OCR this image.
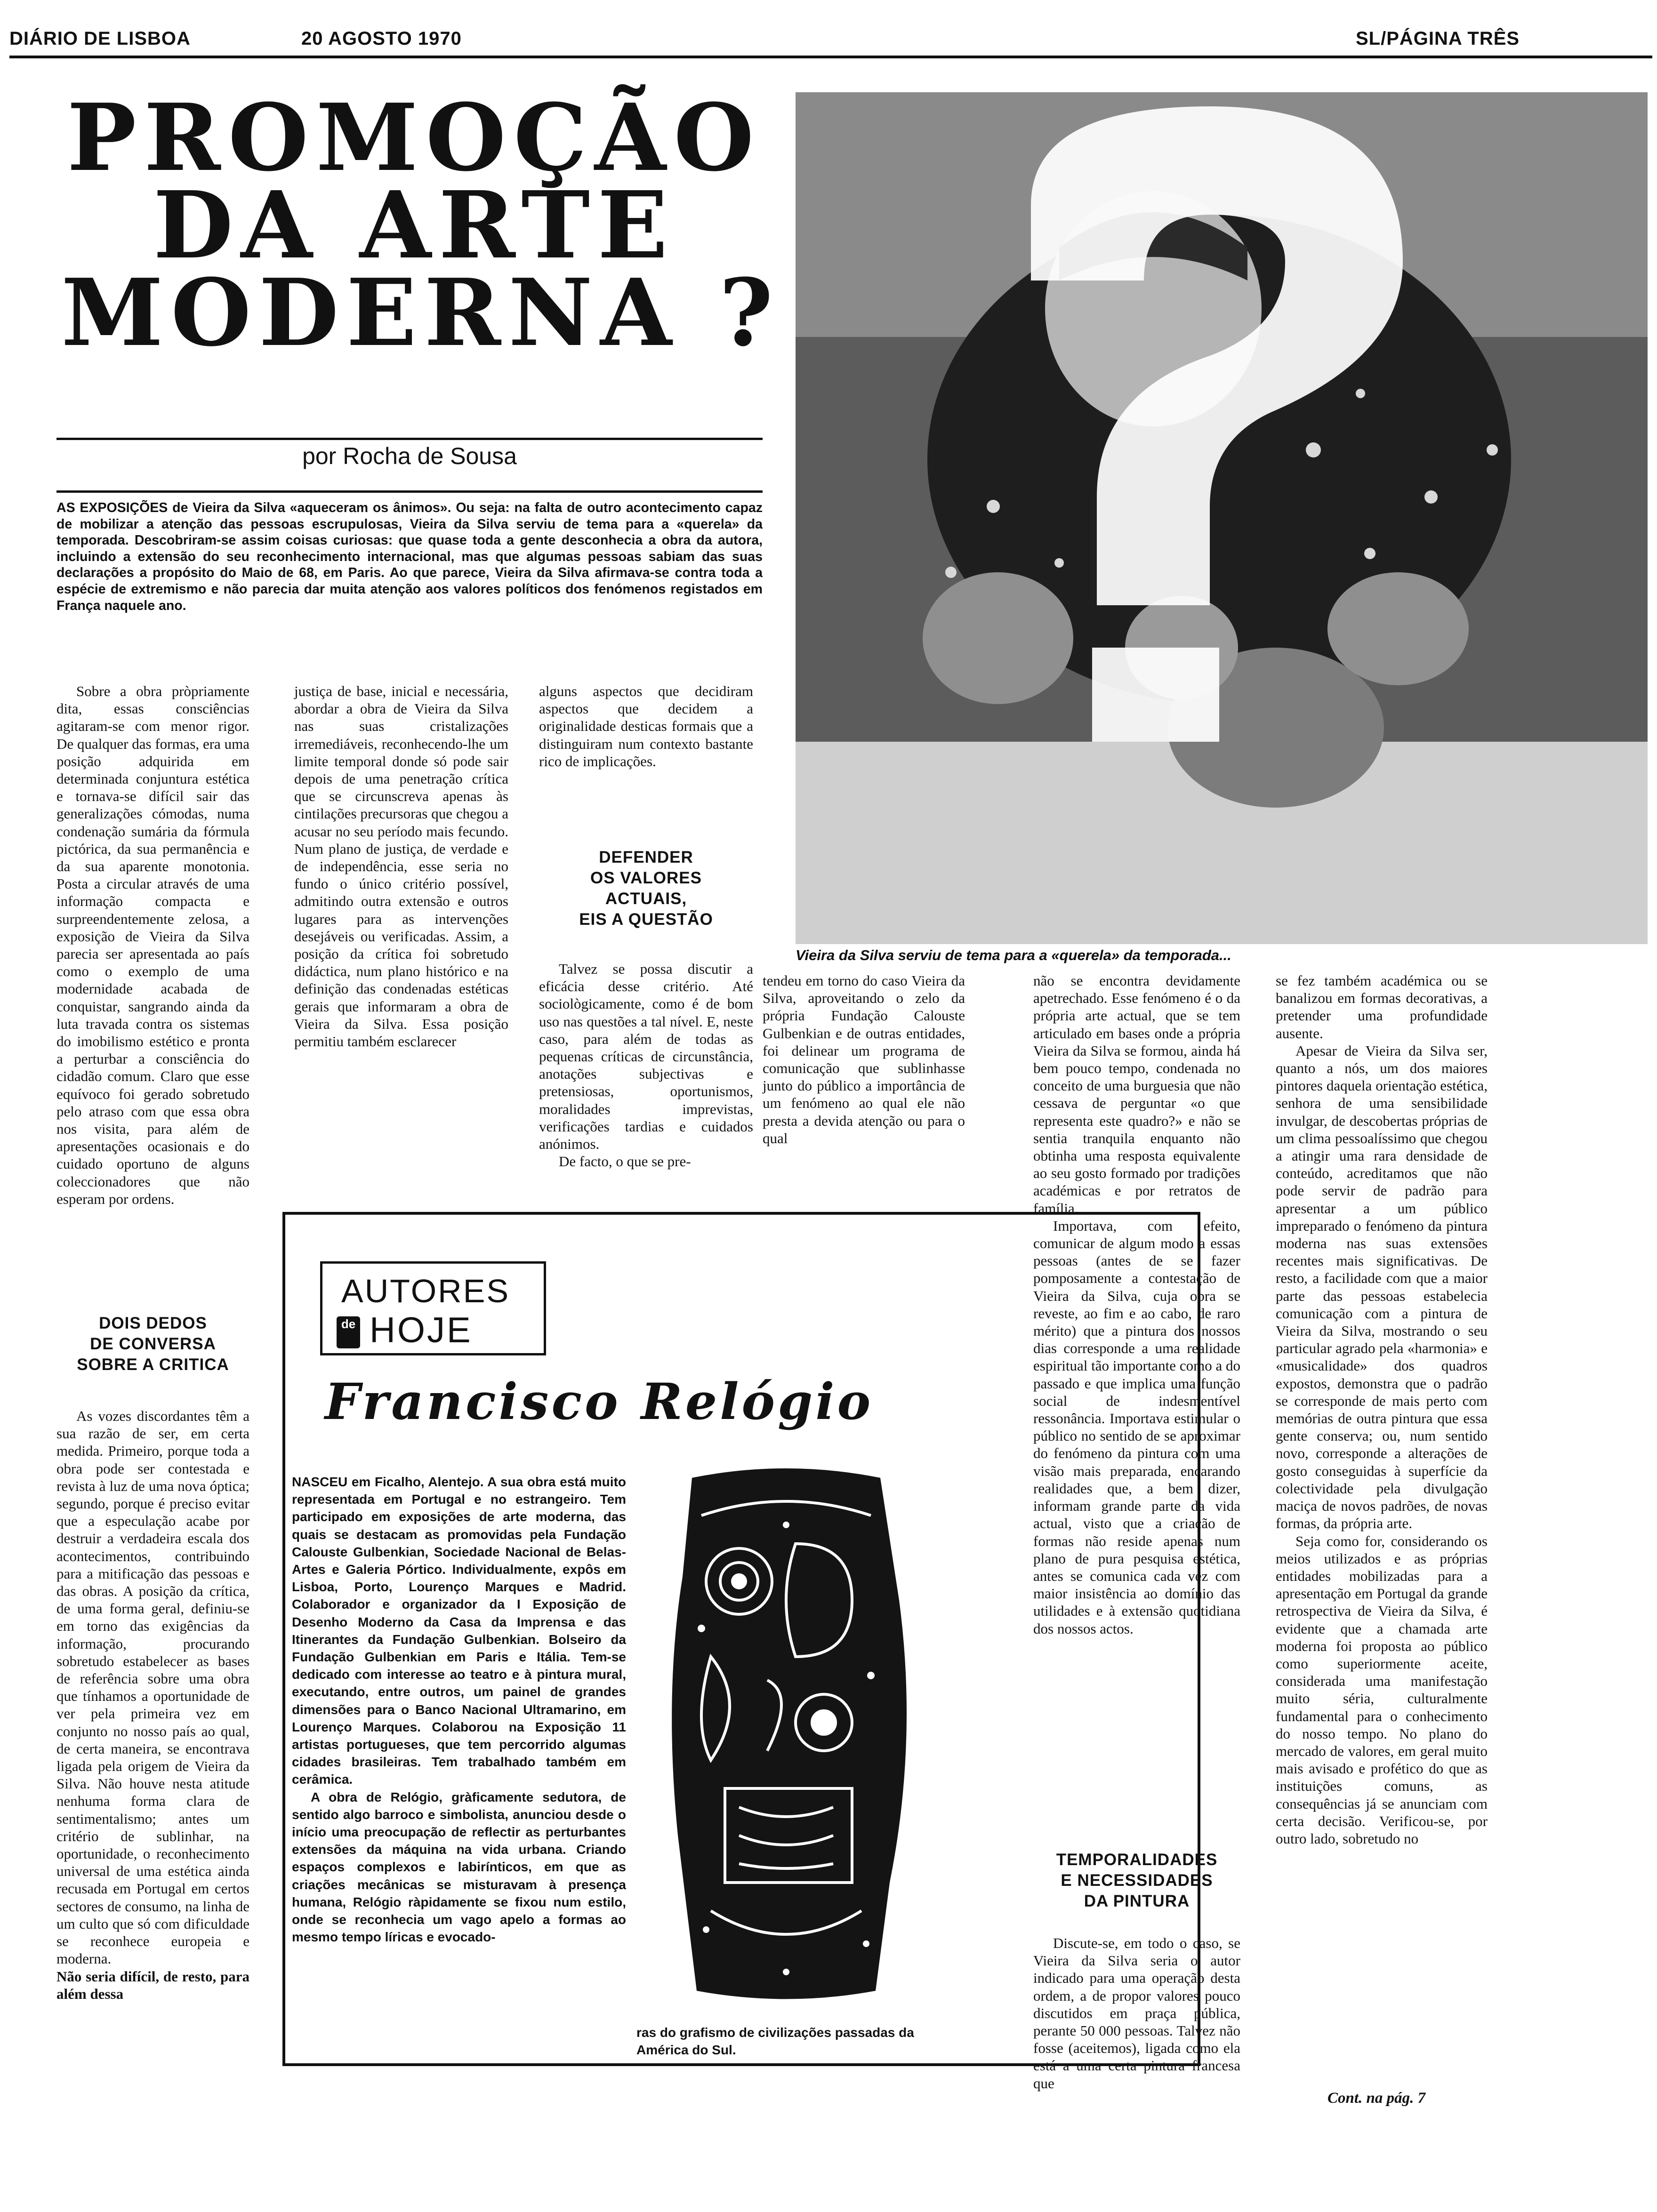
DIÁRIO DE LISBOA	20 AGOSTO 1970	SL/PÁGINA TRÊS
PROMOÇÃO
DA ARTE
MODERNA ?
por Rocha de Sousa
AS EXPOSIÇÕES de Vieira da Silva «aqueceram os ânimos». Ou seja: na falta de outro acontecimento capaz de mobilizar a atenção das pessoas escrupulosas, Vieira da Silva serviu de tema para a «querela» da temporada. Descobriram-se assim coisas curiosas: que quase toda a gente desconhecia a obra da autora, incluindo a extensão do seu reconhecimento internacional, mas que algumas pessoas sabiam das suas declarações a propósito do Maio de 68, em Paris. Ao que parece, Vieira da Silva afirmava-se contra toda a espécie de extremismo e não parecia dar muita atenção aos valores políticos dos fenómenos registados em França naquele ano.
Vieira da Silva serviu de tema para a «querela» da temporada...

Sobre a obra pròpriamente dita, essas consciências agitaram-se com menor rigor. De qualquer das formas, era uma posição adquirida em determinada conjuntura estética e tornava-se difícil sair das generalizações cómodas, numa condenação sumária da fórmula pictórica, da sua permanência e da sua aparente monotonia. Posta a circular através de uma informação compacta e surpreendentemente zelosa, a exposição de Vieira da Silva parecia ser apresentada ao país como o exemplo de uma modernidade acabada de conquistar, sangrando ainda da luta travada contra os sistemas do imobilismo estético e pronta a perturbar a consciência do cidadão comum. Claro que esse equívoco foi gerado sobretudo pelo atraso com que essa obra nos visita, para além de apresentações ocasionais e do cuidado oportuno de alguns coleccionadores que não esperam por ordens.

DOIS DEDOS
DE CONVERSA
SOBRE A CRITICA

As vozes discordantes têm a sua razão de ser, em certa medida. Primeiro, porque toda a obra pode ser contestada e revista à luz de uma nova óptica; segundo, porque é preciso evitar que a especulação acabe por destruir a verdadeira escala dos acontecimentos, contribuindo para a mitificação das pessoas e das obras. A posição da crítica, de uma forma geral, definiu-se em torno das exigências da informação, procurando sobretudo estabelecer as bases de referência sobre uma obra que tínhamos a oportunidade de ver pela primeira vez em conjunto no nosso país ao qual, de certa maneira, se encontrava ligada pela origem de Vieira da Silva. Não houve nesta atitude nenhuma forma clara de sentimentalismo; antes um critério de sublinhar, na oportunidade, o reconhecimento universal de uma estética ainda recusada em Portugal em certos sectores de consumo, na linha de um culto que só com dificuldade se reconhece europeia e moderna.

Não seria difícil, de resto, para além dessa

justiça de base, inicial e necessária, abordar a obra de Vieira da Silva nas suas cristalizações irremediáveis, reconhecendo-lhe um limite temporal donde só pode sair depois de uma penetração crítica que se circunscreva apenas às cintilações precursoras que chegou a acusar no seu período mais fecundo. Num plano de justiça, de verdade e de independência, esse seria no fundo o único critério possível, admitindo outra extensão e outros lugares para as intervenções desejáveis ou verificadas. Assim, a posição da crítica foi sobretudo didáctica, num plano histórico e na definição das condenadas estéticas gerais que informaram a obra de Vieira da Silva. Essa posição permitiu também esclarecer

alguns aspectos que decidiram aspectos que decidem a originalidade desticas formais que a distinguiram num contexto bastante rico de implicações.

DEFENDER
OS VALORES
ACTUAIS,
EIS A QUESTÃO

Talvez se possa discutir a eficácia desse critério. Até sociològicamente, como é de bom uso nas questões a tal nível. E, neste caso, para além de todas as pequenas críticas de circunstância, anotações subjectivas e pretensiosas, oportunismos, moralidades imprevistas, verificações tardias e cuidados anónimos.

De facto, o que se pre-

tendeu em torno do caso Vieira da Silva, aproveitando o zelo da própria Fundação Calouste Gulbenkian e de outras entidades, foi delinear um programa de comunicação que sublinhasse junto do público a importância de um fenómeno ao qual ele não presta a devida atenção ou para o qual

não se encontra devidamente apetrechado. Esse fenómeno é o da própria arte actual, que se tem articulado em bases onde a própria Vieira da Silva se formou, ainda há bem pouco tempo, condenada no conceito de uma burguesia que não cessava de perguntar «o que representa este quadro?» e não se sentia tranquila enquanto não obtinha uma resposta equivalente ao seu gosto formado por tradições académicas e por retratos de família.

Importava, com efeito, comunicar de algum modo a essas pessoas (antes de se fazer pomposamente a contestação de Vieira da Silva, cuja obra se reveste, ao fim e ao cabo, de raro mérito) que a pintura dos nossos dias corresponde a uma realidade espiritual tão importante como a do passado e que implica uma função social de indesmentível ressonância. Importava estimular o público no sentido de se aproximar do fenómeno da pintura com uma visão mais preparada, encarando realidades que, a bem dizer, informam grande parte da vida actual, visto que a criação de formas não reside apenas num plano de pura pesquisa estética, antes se comunica cada vez com maior insistência ao domínio das utilidades e à extensão quotidiana dos nossos actos.

TEMPORALIDADES
E NECESSIDADES
DA PINTURA

Discute-se, em todo o caso, se Vieira da Silva seria o autor indicado para uma operação desta ordem, a de propor valores pouco discutidos em praça pública, perante 50 000 pessoas. Talvez não fosse (aceitemos), ligada como ela está a uma certa pintura francesa que

se fez também académica ou se banalizou em formas decorativas, a pretender uma profundidade ausente.

Apesar de Vieira da Silva ser, quanto a nós, um dos maiores pintores daquela orientação estética, senhora de uma sensibilidade invulgar, de descobertas próprias de um clima pessoalíssimo que chegou a atingir uma rara densidade de conteúdo, acreditamos que não pode servir de padrão para apresentar a um público impreparado o fenómeno da pintura moderna nas suas extensões recentes mais significativas. De resto, a facilidade com que a maior parte das pessoas estabelecia comunicação com a pintura de Vieira da Silva, mostrando o seu particular agrado pela «harmonia» e «musicalidade» dos quadros expostos, demonstra que o padrão se corresponde de mais perto com memórias de outra pintura que essa gente conserva; ou, num sentido novo, corresponde a alterações de gosto conseguidas à superfície da colectividade pela divulgação maciça de novos padrões, de novas formas, da própria arte.

Seja como for, considerando os meios utilizados e as próprias entidades mobilizadas para a apresentação em Portugal da grande retrospectiva de Vieira da Silva, é evidente que a chamada arte moderna foi proposta ao público como superiormente aceite, considerada uma manifestação muito séria, culturalmente fundamental para o conhecimento do nosso tempo. No plano do mercado de valores, em geral muito mais avisado e profético do que as instituições comuns, as consequências já se anunciam com certa decisão. Verificou-se, por outro lado, sobretudo no

Cont. na pág. 7
AUTORES
de HOJE
Francisco Relógio

NASCEU em Ficalho, Alentejo. A sua obra está muito representada em Portugal e no estrangeiro. Tem participado em exposições de arte moderna, das quais se destacam as promovidas pela Fundação Calouste Gulbenkian, Sociedade Nacional de Belas-Artes e Galeria Pórtico. Individualmente, expôs em Lisboa, Porto, Lourenço Marques e Madrid. Colaborador e organizador da I Exposição de Desenho Moderno da Casa da Imprensa e das Itinerantes da Fundação Gulbenkian. Bolseiro da Fundação Gulbenkian em Paris e Itália. Tem-se dedicado com interesse ao teatro e à pintura mural, executando, entre outros, um painel de grandes dimensões para o Banco Nacional Ultramarino, em Lourenço Marques. Colaborou na Exposição 11 artistas portugueses, que tem percorrido algumas cidades brasileiras. Tem trabalhado também em cerâmica.

A obra de Relógio, gràficamente sedutora, de sentido algo barroco e simbolista, anunciou desde o início uma preocupação de reflectir as perturbantes extensões da máquina na vida urbana. Criando espaços complexos e labirínticos, em que as criações mecânicas se misturavam à presença humana, Relógio ràpidamente se fixou num estilo, onde se reconhecia um vago apelo a formas ao mesmo tempo líricas e evocado-

ras do grafismo de civilizações passadas da América do Sul.
